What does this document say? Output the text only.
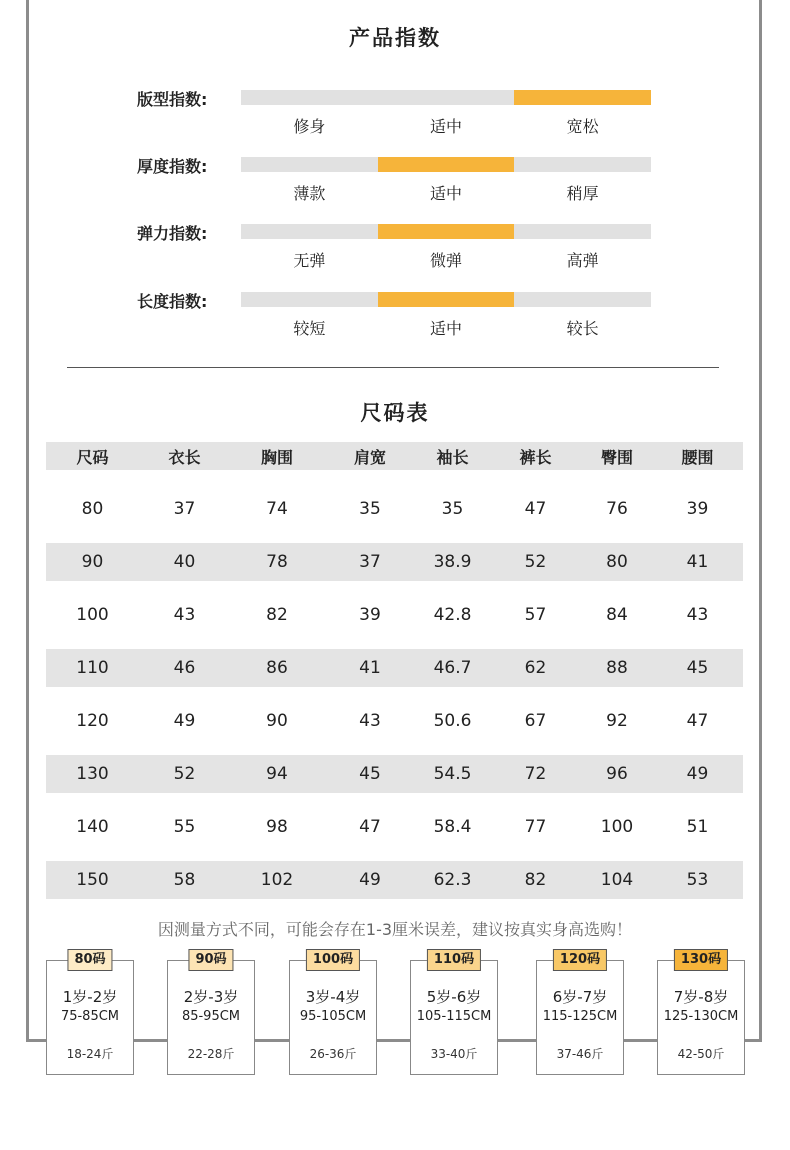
产品指数
版型指数:
修身	适中	宽松
厚度指数:
薄款	适中	稍厚
弹力指数:
无弹	微弹	高弹
长度指数:
较短	适中	较长
尺码表
尺码	衣长	胸围	肩宽	袖长	裤长	臀围	腰围
80	37	74	35	35	47	76	39
90	40	78	37	38.9	52	80	41
100	43	82	39	42.8	57	84	43
110	46	86	41	46.7	62	88	45
120	49	90	43	50.6	67	92	47
130	52	94	45	54.5	72	96	49
140	55	98	47	58.4	77	100	51
150	58	102	49	62.3	82	104	53
因测量方式不同，可能会存在1-3厘米误差，建议按真实身高选购！
80码
1岁-2岁
75-85CM
18-24斤
90码
2岁-3岁
85-95CM
22-28斤
100码
3岁-4岁
95-105CM
26-36斤
110码
5岁-6岁
105-115CM
33-40斤
120码
6岁-7岁
115-125CM
37-46斤
130码
7岁-8岁
125-130CM
42-50斤
